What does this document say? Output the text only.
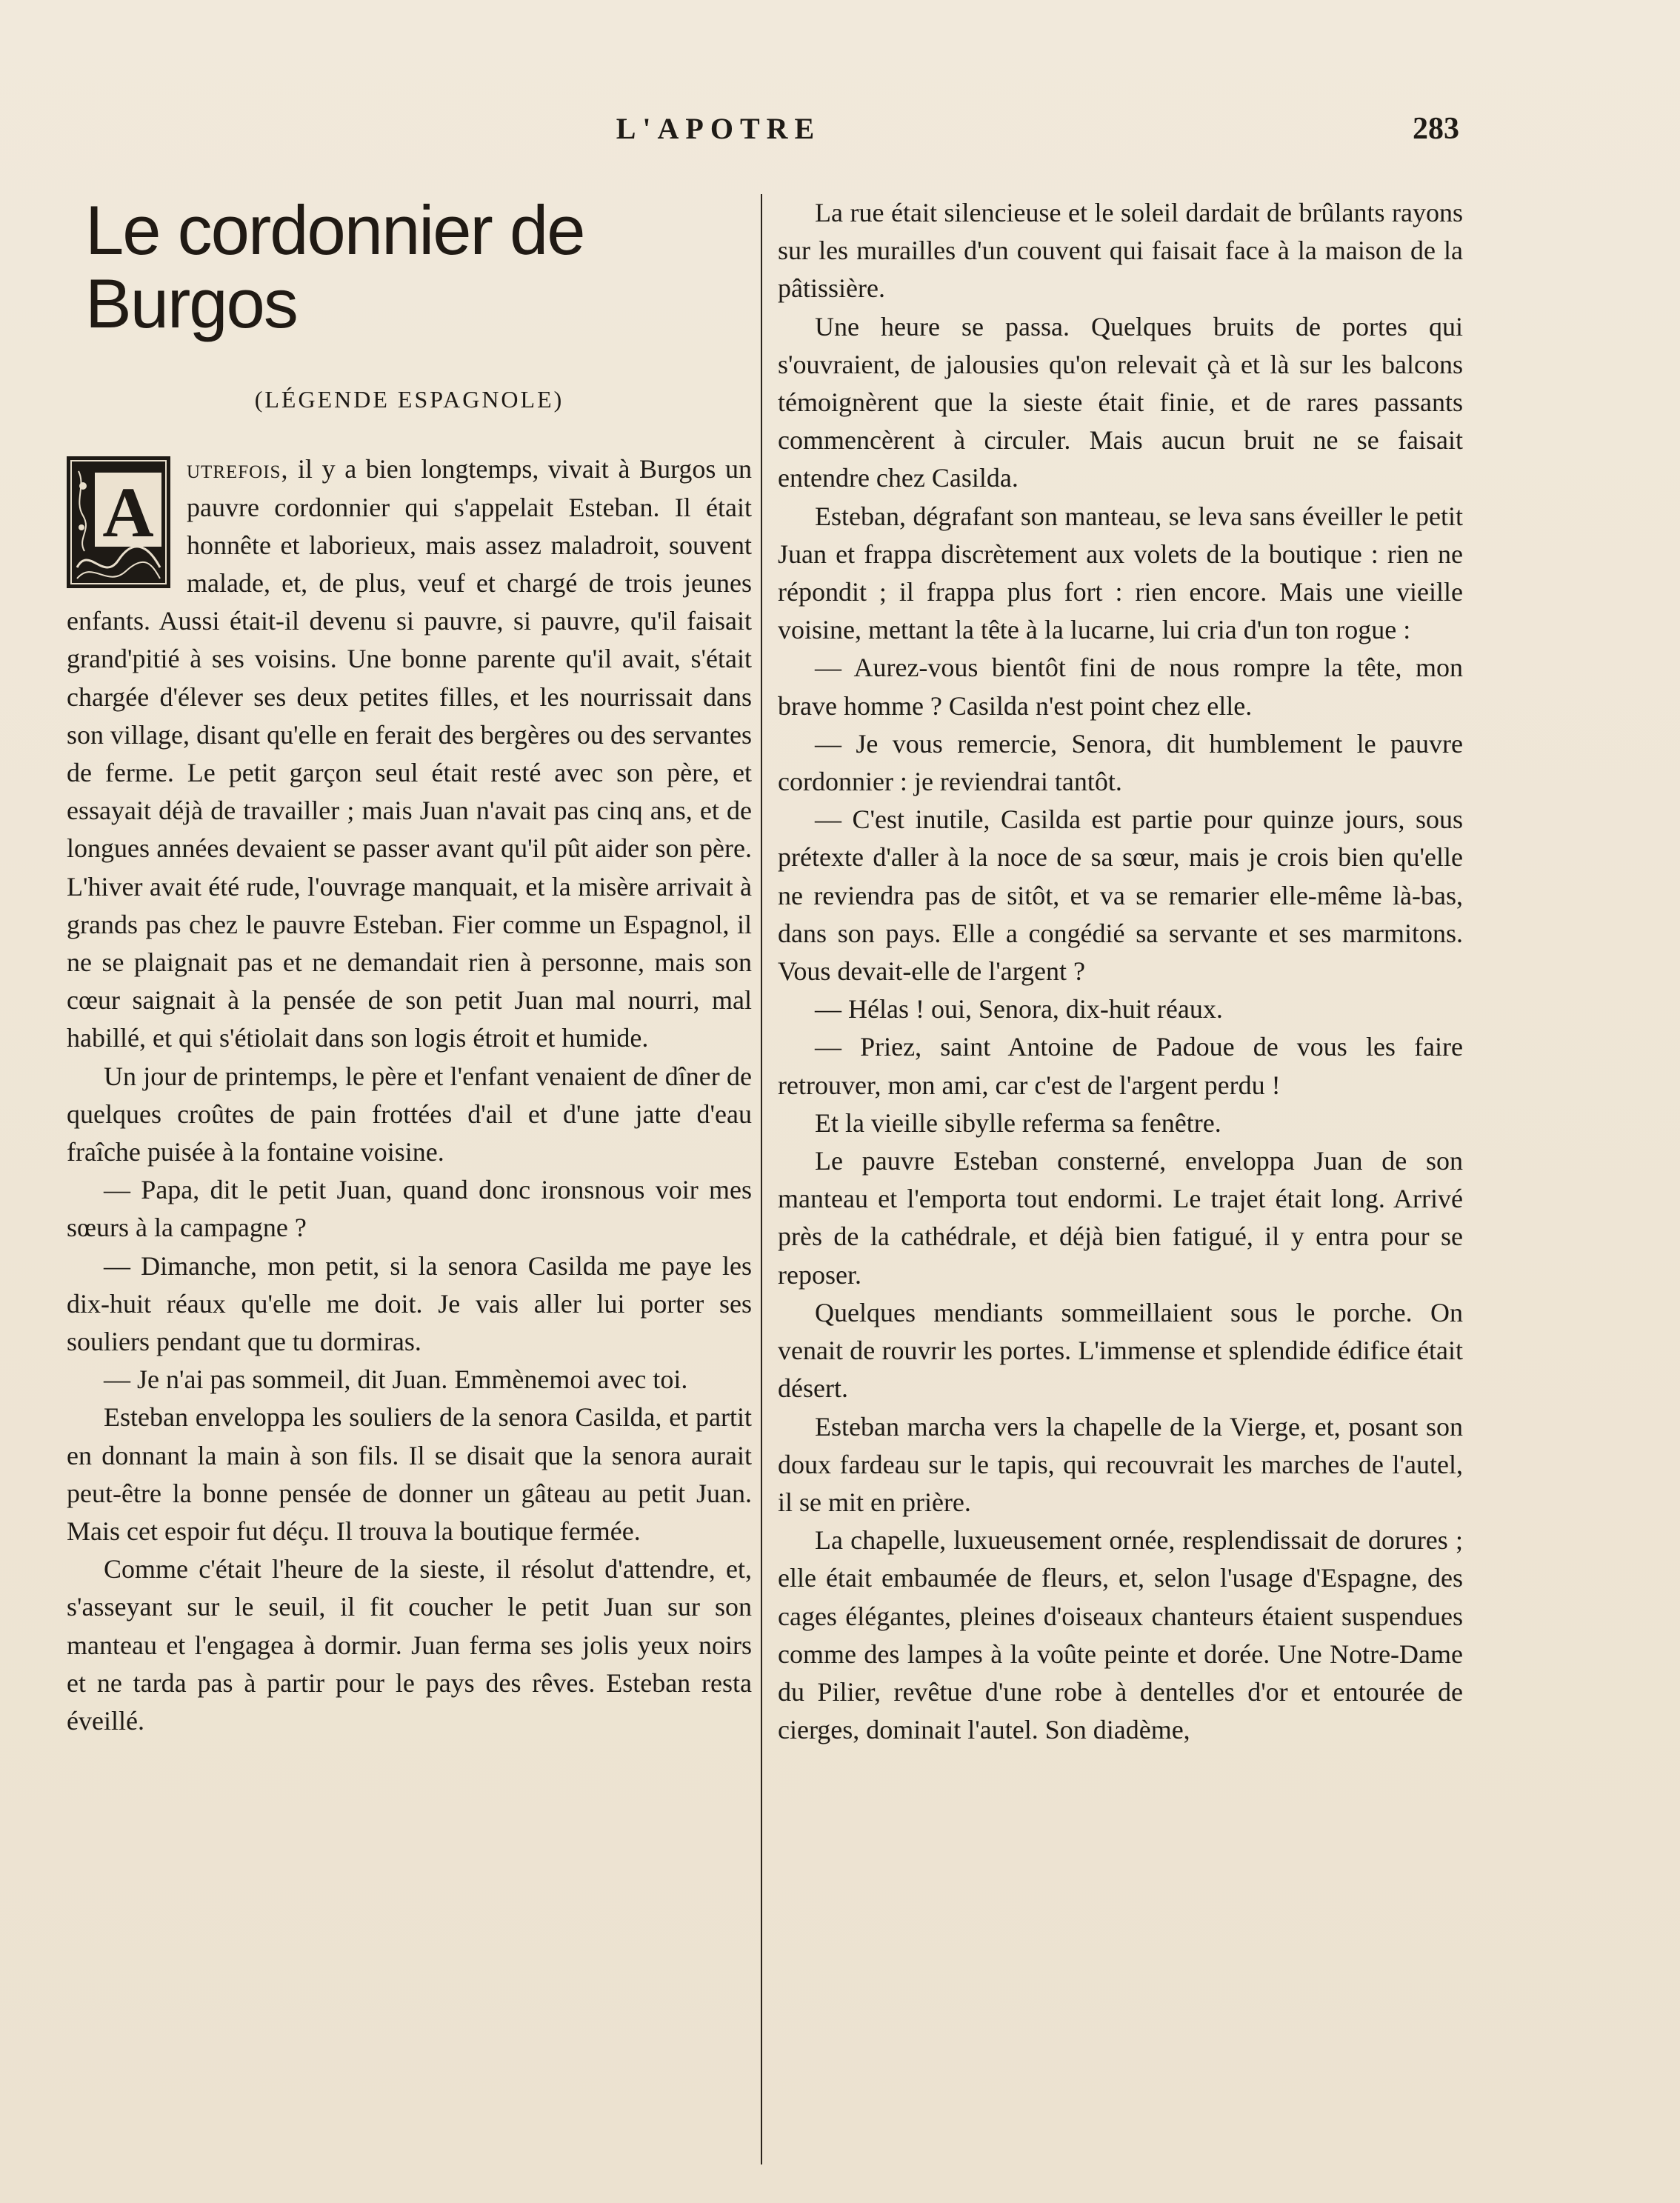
L'APOTRE	283
Le cordonnier de Burgos
(LÉGENDE ESPAGNOLE)

A
utrefois, il y a bien longtemps, vivait à Burgos un pauvre cordonnier qui s'appelait Esteban. Il était honnête et laborieux, mais assez maladroit, souvent malade, et, de plus, veuf et chargé de trois jeunes enfants. Aussi était-il devenu si pauvre, si pauvre, qu'il faisait grand'pitié à ses voisins. Une bonne parente qu'il avait, s'était chargée d'élever ses deux petites filles, et les nourrissait dans son village, disant qu'elle en ferait des bergères ou des servantes de ferme. Le petit garçon seul était resté avec son père, et essayait déjà de travailler ; mais Juan n'avait pas cinq ans, et de longues années devaient se passer avant qu'il pût aider son père. L'hiver avait été rude, l'ouvrage manquait, et la misère arrivait à grands pas chez le pauvre Esteban. Fier comme un Espagnol, il ne se plaignait pas et ne demandait rien à personne, mais son cœur saignait à la pensée de son petit Juan mal nourri, mal habillé, et qui s'étiolait dans son logis étroit et humide.

Un jour de printemps, le père et l'enfant venaient de dîner de quelques croûtes de pain frottées d'ail et d'une jatte d'eau fraîche puisée à la fontaine voisine.

— Papa, dit le petit Juan, quand donc ironsnous voir mes sœurs à la campagne ?

— Dimanche, mon petit, si la senora Casilda me paye les dix-huit réaux qu'elle me doit. Je vais aller lui porter ses souliers pendant que tu dormiras.

— Je n'ai pas sommeil, dit Juan. Emmènemoi avec toi.

Esteban enveloppa les souliers de la senora Casilda, et partit en donnant la main à son fils. Il se disait que la senora aurait peut-être la bonne pensée de donner un gâteau au petit Juan. Mais cet espoir fut déçu. Il trouva la boutique fermée.

Comme c'était l'heure de la sieste, il résolut d'attendre, et, s'asseyant sur le seuil, il fit coucher le petit Juan sur son manteau et l'engagea à dormir. Juan ferma ses jolis yeux noirs et ne tarda pas à partir pour le pays des rêves. Esteban resta éveillé.

La rue était silencieuse et le soleil dardait de brûlants rayons sur les murailles d'un couvent qui faisait face à la maison de la pâtissière.

Une heure se passa. Quelques bruits de portes qui s'ouvraient, de jalousies qu'on relevait çà et là sur les balcons témoignèrent que la sieste était finie, et de rares passants commencèrent à circuler. Mais aucun bruit ne se faisait entendre chez Casilda.

Esteban, dégrafant son manteau, se leva sans éveiller le petit Juan et frappa discrètement aux volets de la boutique : rien ne répondit ; il frappa plus fort : rien encore. Mais une vieille voisine, mettant la tête à la lucarne, lui cria d'un ton rogue :

— Aurez-vous bientôt fini de nous rompre la tête, mon brave homme ? Casilda n'est point chez elle.

— Je vous remercie, Senora, dit humblement le pauvre cordonnier : je reviendrai tantôt.

— C'est inutile, Casilda est partie pour quinze jours, sous prétexte d'aller à la noce de sa sœur, mais je crois bien qu'elle ne reviendra pas de sitôt, et va se remarier elle-même là-bas, dans son pays. Elle a congédié sa servante et ses marmitons. Vous devait-elle de l'argent ?

— Hélas ! oui, Senora, dix-huit réaux.

— Priez, saint Antoine de Padoue de vous les faire retrouver, mon ami, car c'est de l'argent perdu !

Et la vieille sibylle referma sa fenêtre.

Le pauvre Esteban consterné, enveloppa Juan de son manteau et l'emporta tout endormi. Le trajet était long. Arrivé près de la cathédrale, et déjà bien fatigué, il y entra pour se reposer.

Quelques mendiants sommeillaient sous le porche. On venait de rouvrir les portes. L'immense et splendide édifice était désert.

Esteban marcha vers la chapelle de la Vierge, et, posant son doux fardeau sur le tapis, qui recouvrait les marches de l'autel, il se mit en prière.

La chapelle, luxueusement ornée, resplendissait de dorures ; elle était embaumée de fleurs, et, selon l'usage d'Espagne, des cages élégantes, pleines d'oiseaux chanteurs étaient suspendues comme des lampes à la voûte peinte et dorée. Une Notre-Dame du Pilier, revêtue d'une robe à dentelles d'or et entourée de cierges, dominait l'autel. Son diadème,
